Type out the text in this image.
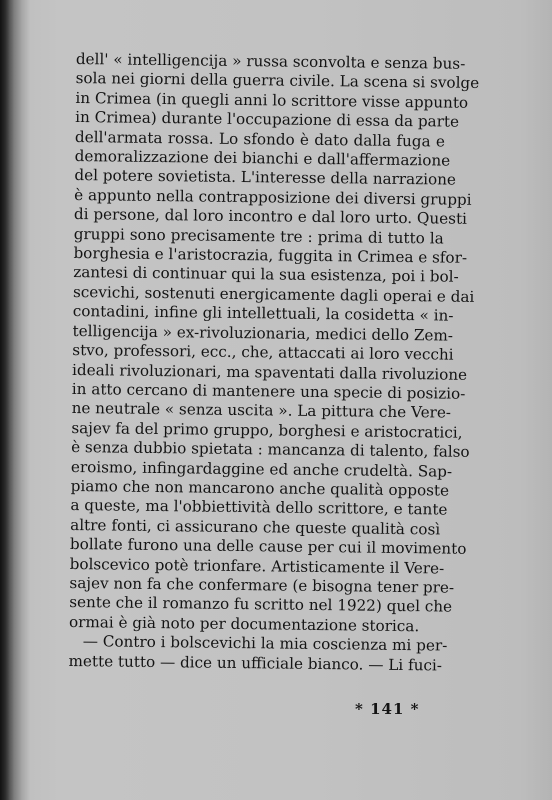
dell' « intelligencija » russa sconvolta e senza bus-
sola nei giorni della guerra civile. La scena si svolge
in Crimea (in quegli anni lo scrittore visse appunto
in Crimea) durante l'occupazione di essa da parte
dell'armata rossa. Lo sfondo è dato dalla fuga e
demoralizzazione dei bianchi e dall'affermazione
del potere sovietista. L'interesse della narrazione
è appunto nella contrapposizione dei diversi gruppi
di persone, dal loro incontro e dal loro urto. Questi
gruppi sono precisamente tre : prima di tutto la
borghesia e l'aristocrazia, fuggita in Crimea e sfor-
zantesi di continuar qui la sua esistenza, poi i bol-
scevichi, sostenuti energicamente dagli operai e dai
contadini, infine gli intellettuali, la cosidetta « in-
telligencija » ex-rivoluzionaria, medici dello Zem-
stvo, professori, ecc., che, attaccati ai loro vecchi
ideali rivoluzionari, ma spaventati dalla rivoluzione
in atto cercano di mantenere una specie di posizio-
ne neutrale « senza uscita ». La pittura che Vere-
sajev fa del primo gruppo, borghesi e aristocratici,
è senza dubbio spietata : mancanza di talento, falso
eroismo, infingardaggine ed anche crudeltà. Sap-
piamo che non mancarono anche qualità opposte
a queste, ma l'obbiettività dello scrittore, e tante
altre fonti, ci assicurano che queste qualità così
bollate furono una delle cause per cui il movimento
bolscevico potè trionfare. Artisticamente il Vere-
sajev non fa che confermare (e bisogna tener pre-
sente che il romanzo fu scritto nel 1922) quel che
ormai è già noto per documentazione storica.
— Contro i bolscevichi la mia coscienza mi per-
mette tutto — dice un ufficiale bianco. — Li fuci-
* 141 *
